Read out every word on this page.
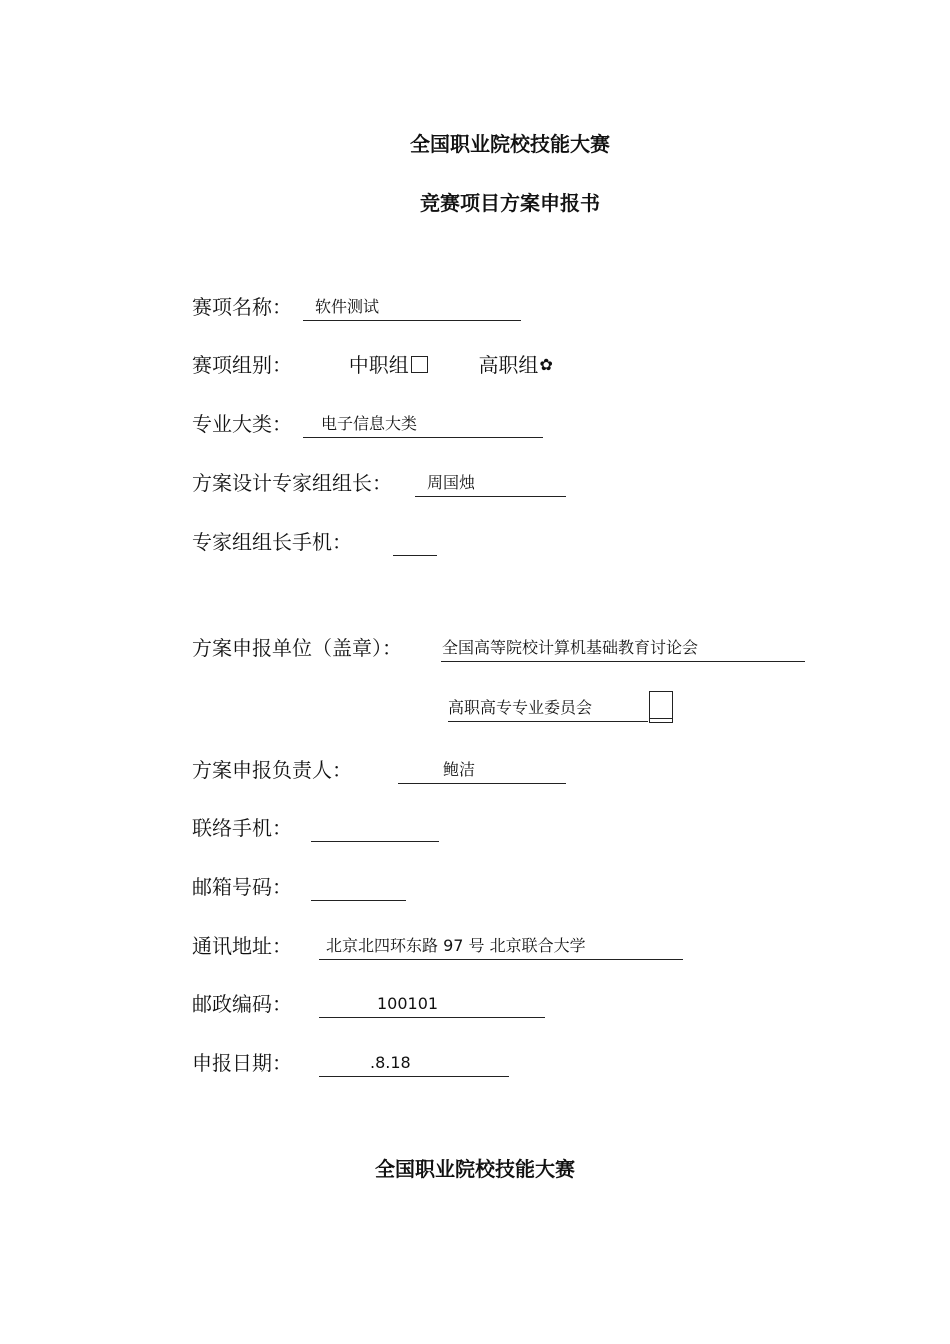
全国职业院校技能大赛
竞赛项目方案申报书
赛项名称： 软件测试
赛项组别：	中职组	高职组✿
专业大类： 电子信息大类
方案设计专家组组长： 周国烛
专家组组长手机：
方案申报单位（盖章）：	全国高等院校计算机基础教育讨论会
高职高专专业委员会
方案申报负责人：	鲍洁
联络手机：
邮箱号码：
通讯地址： 北京北四环东路 97 号 北京联合大学
邮政编码：	100101
申报日期：	.8.18
全国职业院校技能大赛
